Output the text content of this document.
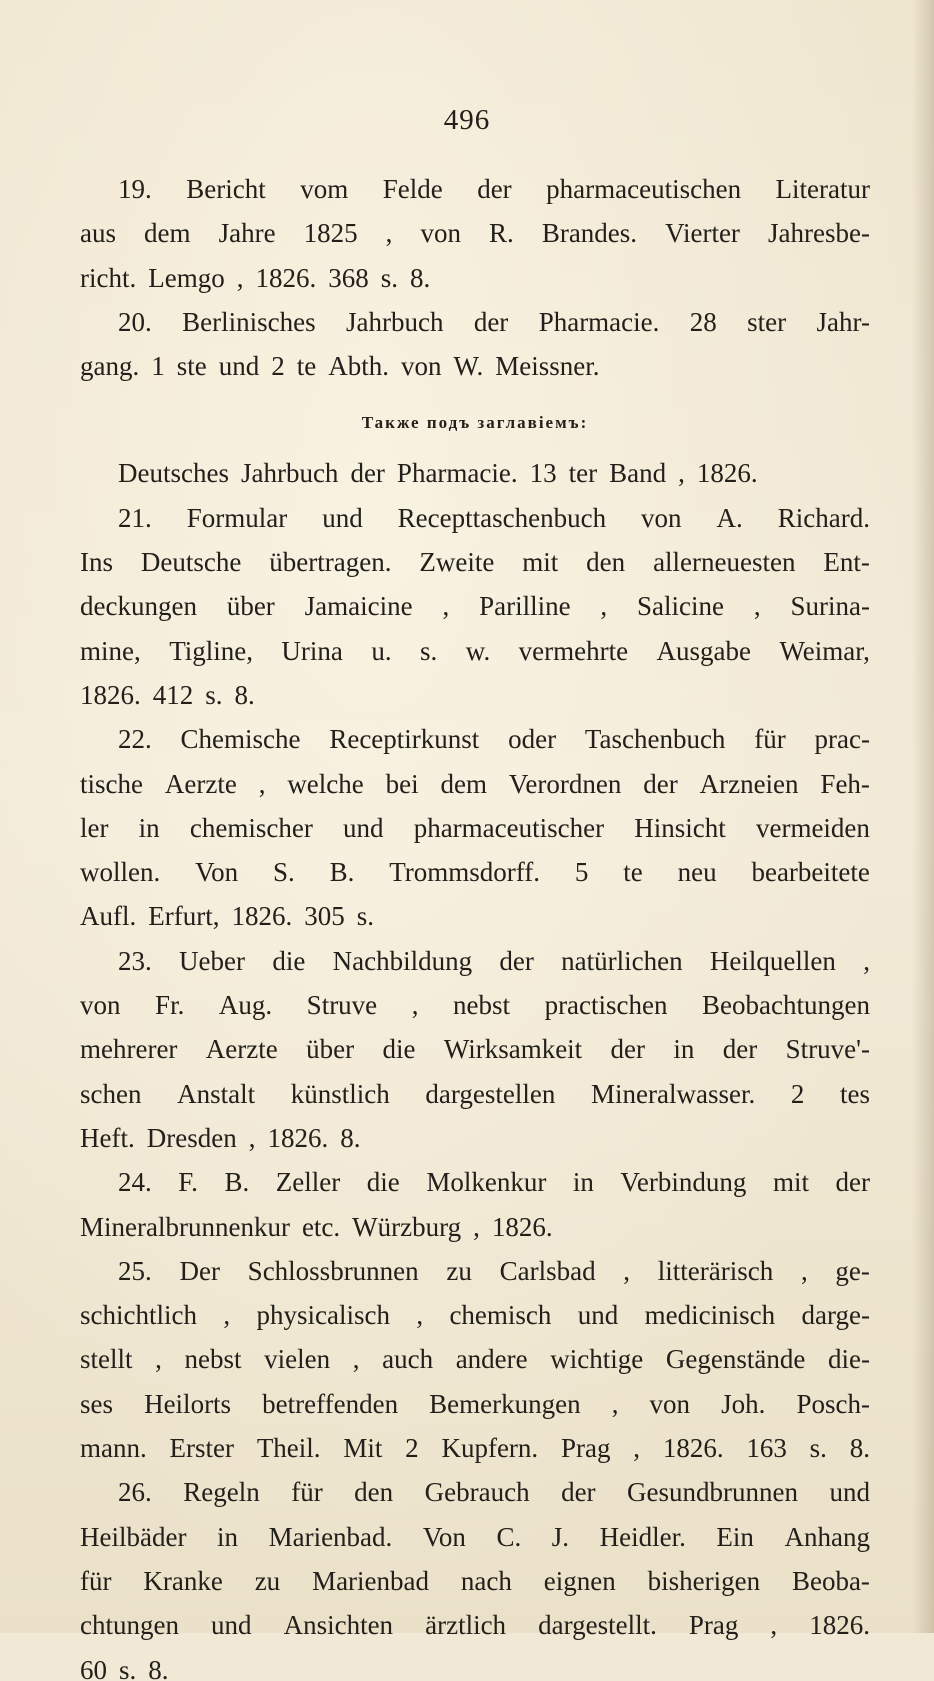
496
19. Bericht vom Felde der pharmaceutischen Literatur
aus dem Jahre 1825 , von R. Brandes. Vierter Jahresbe-
richt. Lemgo , 1826. 368 s. 8.
20. Berlinisches Jahrbuch der Pharmacie. 28 ster Jahr-
gang. 1 ste und 2 te Abth. von W. Meissner.
Также подъ заглавіемъ:
Deutsches Jahrbuch der Pharmacie. 13 ter Band , 1826.
21. Formular und Recepttaschenbuch von A. Richard.
Ins Deutsche übertragen. Zweite mit den allerneuesten Ent-
deckungen über Jamaicine , Parilline , Salicine , Surina-
mine, Tigline, Urina u. s. w. vermehrte Ausgabe Weimar,
1826. 412 s. 8.
22. Chemische Receptirkunst oder Taschenbuch für prac-
tische Aerzte , welche bei dem Verordnen der Arzneien Feh-
ler in chemischer und pharmaceutischer Hinsicht vermeiden
wollen. Von S. B. Trommsdorff. 5 te neu bearbeitete
Aufl. Erfurt, 1826. 305 s.
23. Ueber die Nachbildung der natürlichen Heilquellen ,
von Fr. Aug. Struve , nebst practischen Beobachtungen
mehrerer Aerzte über die Wirksamkeit der in der Struve'-
schen Anstalt künstlich dargestellen Mineralwasser. 2 tes
Heft. Dresden , 1826. 8.
24. F. B. Zeller die Molkenkur in Verbindung mit der
Mineralbrunnenkur etc. Würzburg , 1826.
25. Der Schlossbrunnen zu Carlsbad , litterärisch , ge-
schichtlich , physicalisch , chemisch und medicinisch darge-
stellt , nebst vielen , auch andere wichtige Gegenstände die-
ses Heilorts betreffenden Bemerkungen , von Joh. Posch-
mann. Erster Theil. Mit 2 Kupfern. Prag , 1826. 163 s. 8.
26. Regeln für den Gebrauch der Gesundbrunnen und
Heilbäder in Marienbad. Von C. J. Heidler. Ein Anhang
für Kranke zu Marienbad nach eignen bisherigen Beoba-
chtungen und Ansichten ärztlich dargestellt. Prag , 1826.
60 s. 8.
